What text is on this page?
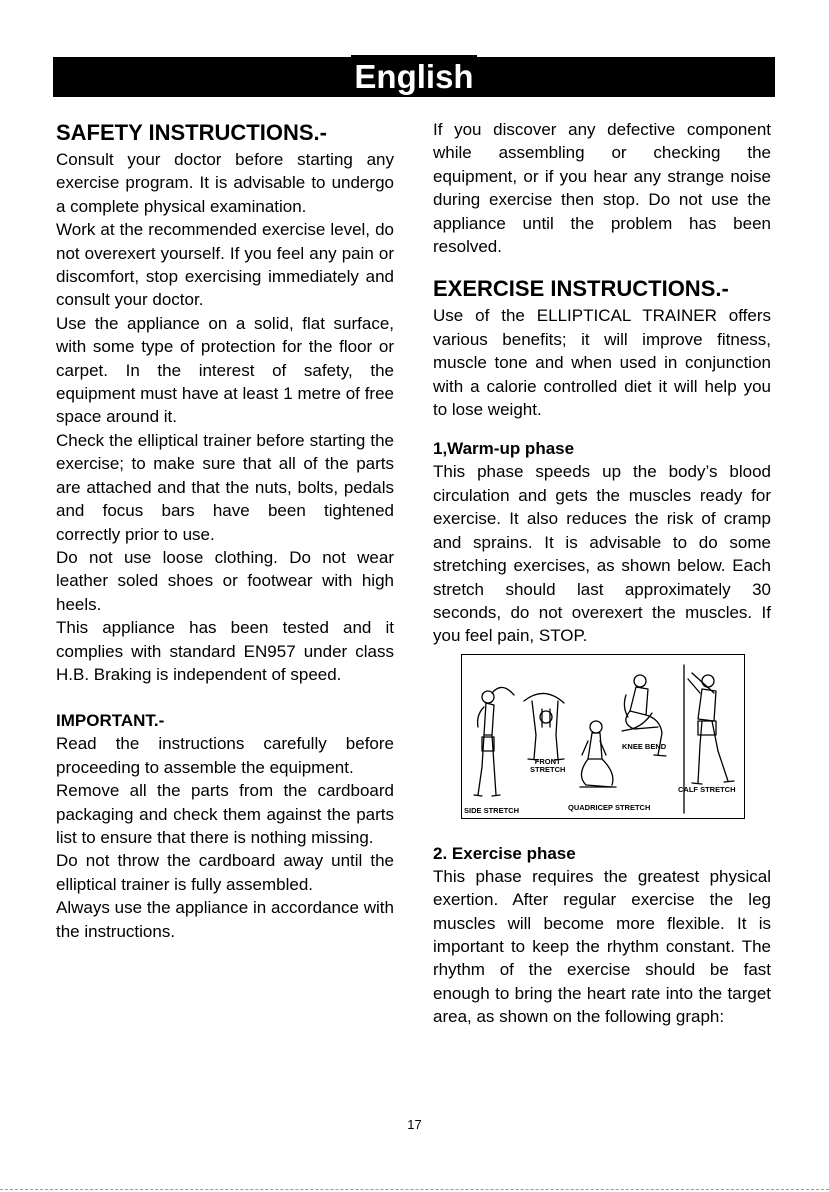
English
SAFETY INSTRUCTIONS.-

Consult your doctor before starting any exercise program. It is advisable to undergo a complete physical examination.

Work at the recommended exercise level, do not overexert yourself. If you feel any pain or discomfort, stop exercising immediately and consult your doctor.

Use the appliance on a solid, flat surface, with some type of protection for the floor or carpet. In the interest of safety, the equipment must have at least 1 metre of free space around it.

Check the elliptical trainer before starting the exercise; to make sure that all of the parts are attached and that the nuts, bolts, pedals and focus bars have been tightened correctly prior to use.

Do not use loose clothing. Do not wear leather soled shoes or footwear with high heels.

This appliance has been tested and it complies with standard EN957 under class H.B. Braking is independent of speed.

IMPORTANT.-

Read the instructions carefully before proceeding to assemble the equipment.

Remove all the parts from the cardboard packaging and check them against the parts list to ensure that there is nothing missing.

Do not throw the cardboard away until the elliptical trainer is fully assembled.

Always use the appliance in accordance with the instructions.

If you discover any defective component while assembling or checking the equipment, or if you hear any strange noise during exercise then stop. Do not use the appliance until the problem has been resolved.

EXERCISE INSTRUCTIONS.-

Use of the ELLIPTICAL TRAINER offers various benefits; it will improve fitness, muscle tone and when used in conjunction with a calorie controlled diet it will help you to lose weight.

1,Warm-up phase

This phase speeds up the body’s blood circulation and gets the muscles ready for exercise. It also reduces the risk of cramp and sprains. It is advisable to do some stretching exercises, as shown below. Each stretch should last approximately 30 seconds, do not overexert the muscles. If you feel pain, STOP.

SIDE STRETCH
FRONT
STRETCH
QUADRICEP STRETCH
KNEE BEND
CALF STRETCH
2. Exercise phase

This phase requires the greatest physical exertion. After regular exercise the leg muscles will become more flexible. It is important to keep the rhythm constant. The rhythm of the exercise should be fast enough to bring the heart rate into the target area, as shown on the following graph:

17
